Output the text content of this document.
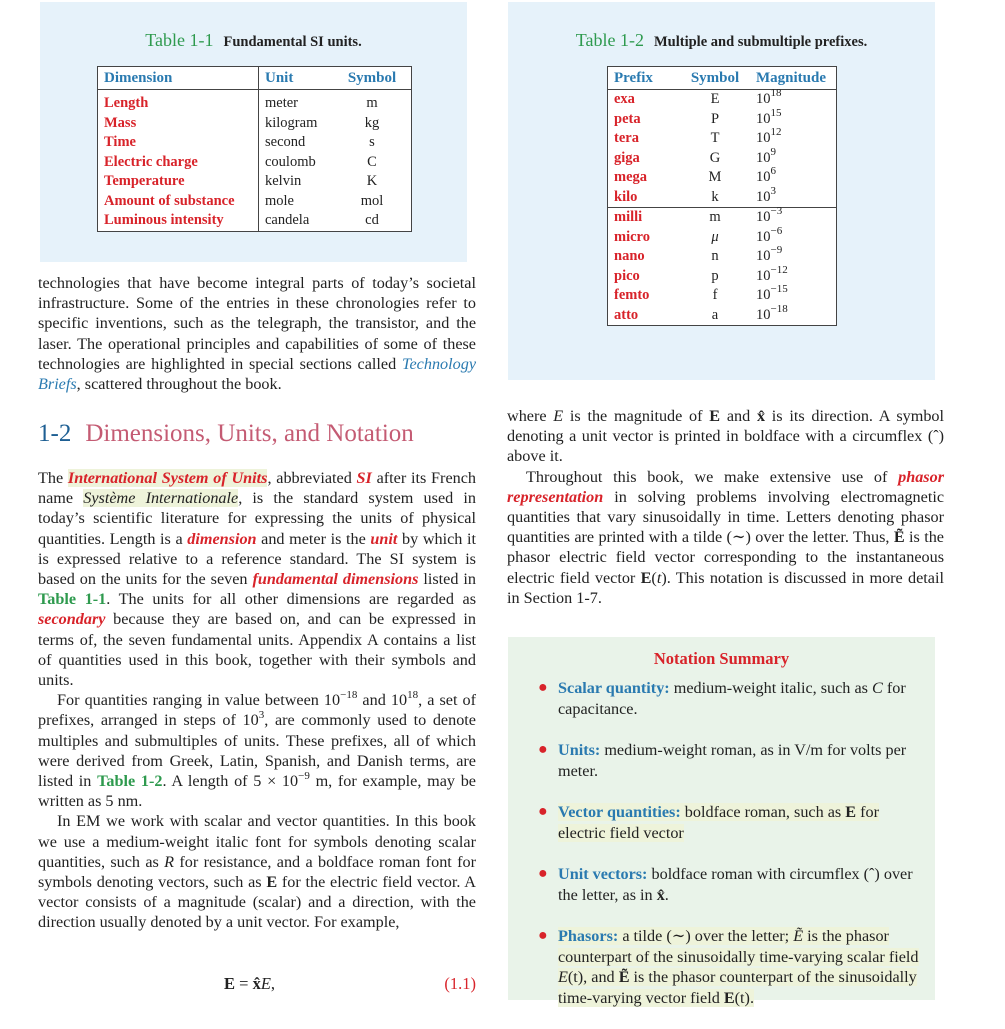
Table 1-1 Fundamental SI units.
Dimension	Unit	Symbol
Length	meter	m
Mass	kilogram	kg
Time	second	s
Electric charge	coulomb	C
Temperature	kelvin	K
Amount of substance	mole	mol
Luminous intensity	candela	cd
Table 1-2 Multiple and submultiple prefixes.
Prefix	Symbol	Magnitude
exa	E	$10^{18}$
peta	P	$10^{15}$
tera	T	$10^{12}$
giga	G	$10^9$
mega	M	$10^6$
kilo	k	$10^3$
milli	m	$10^{-3}$
micro	μ	$10^{-6}$
nano	n	$10^{-9}$
pico	p	$10^{-12}$
femto	f	$10^{-15}$
atto	a	$10^{-18}$

technologies that have become integral parts of today’s societal infrastructure. Some of the entries in these chronologies refer to specific inventions, such as the telegraph, the transistor, and the laser. The operational principles and capabilities of some of these technologies are highlighted in special sections called Technology Briefs, scattered throughout the book.

1-2 Dimensions, Units, and Notation

The International System of Units, abbreviated SI after its French name Système Internationale, is the standard system used in today’s scientific literature for expressing the units of physical quantities. Length is a dimension and meter is the unit by which it is expressed relative to a reference standard. The SI system is based on the units for the seven fundamental dimensions listed in Table 1-1. The units for all other dimensions are regarded as secondary because they are based on, and can be expressed in terms of, the seven fundamental units. Appendix A contains a list of quantities used in this book, together with their symbols and units.

For quantities ranging in value between $10^{-18}$ and $10^{18}$, a set of prefixes, arranged in steps of $10^3$, are commonly used to denote multiples and submultiples of units. These prefixes, all of which were derived from Greek, Latin, Spanish, and Danish terms, are listed in Table 1-2. A length of $5 \times 10^{-9}$ m, for example, may be written as 5 nm.

In EM we work with scalar and vector quantities. In this book we use a medium-weight italic font for symbols denoting scalar quantities, such as R for resistance, and a boldface roman font for symbols denoting vectors, such as E for the electric field vector. A vector consists of a magnitude (scalar) and a direction, with the direction usually denoted by a unit vector. For example,

E = x̂E,	(1.1)

where E is the magnitude of E and x̂ is its direction. A symbol denoting a unit vector is printed in boldface with a circumflex (ˆ) above it.

Throughout this book, we make extensive use of phasor representation in solving problems involving electromagnetic quantities that vary sinusoidally in time. Letters denoting phasor quantities are printed with a tilde (∼) over the letter. Thus, Ẽ is the phasor electric field vector corresponding to the instantaneous electric field vector E(t). This notation is discussed in more detail in Section 1-7.

Notation Summary
● Scalar quantity: medium-weight italic, such as C for capacitance.
● Units: medium-weight roman, as in V/m for volts per meter.
● Vector quantities: boldface roman, such as E for electric field vector
● Unit vectors: boldface roman with circumflex (ˆ) over the letter, as in x̂.
● Phasors: a tilde (∼) over the letter; Ẽ is the phasor counterpart of the sinusoidally time-varying scalar field E(t), and Ẽ is the phasor counterpart of the sinusoidally time-varying vector field E(t).
